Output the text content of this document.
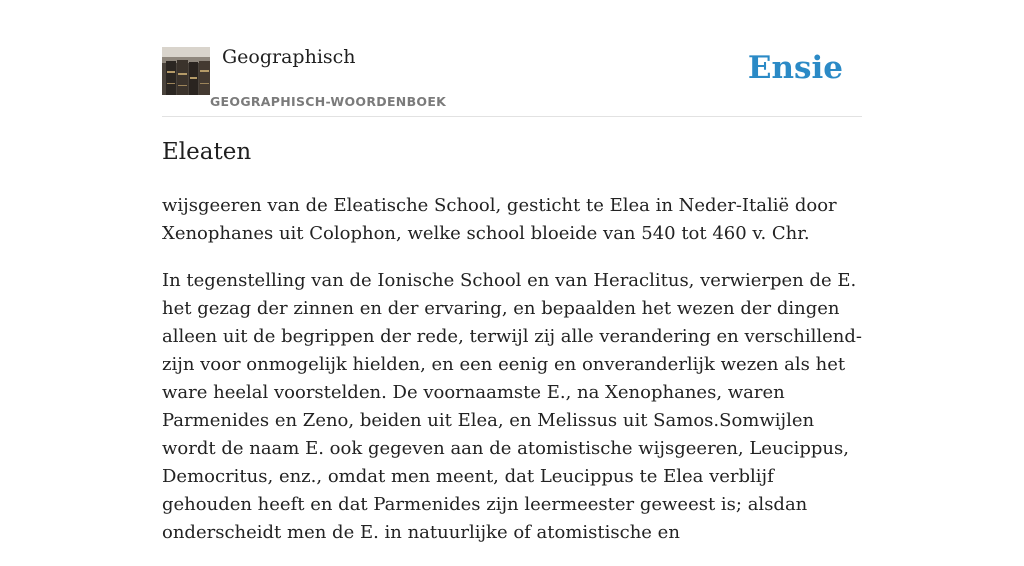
Geographisch
GEOGRAPHISCH-WOORDENBOEK
Ensie
Eleaten

wijsgeeren van de Eleatische School, gesticht te Elea in Neder-Italië door Xenophanes uit Colophon, welke school bloeide van 540 tot 460 v. Chr.

In tegenstelling van de Ionische School en van Heraclitus, verwierpen de E. het gezag der zinnen en der ervaring, en bepaalden het wezen der dingen alleen uit de begrippen der rede, terwijl zij alle verandering en verschillend-zijn voor onmogelijk hielden, en een eenig en onveranderlijk wezen als het ware heelal voorstelden. De voornaamste E., na Xenophanes, waren Parmenides en Zeno, beiden uit Elea, en Melissus uit Samos.Somwijlen wordt de naam E. ook gegeven aan de atomistische wijsgeeren, Leucippus, Democritus, enz., omdat men meent, dat Leucippus te Elea verblijf gehouden heeft en dat Parmenides zijn leermeester geweest is; alsdan onderscheidt men de E. in natuurlijke of atomistische en
